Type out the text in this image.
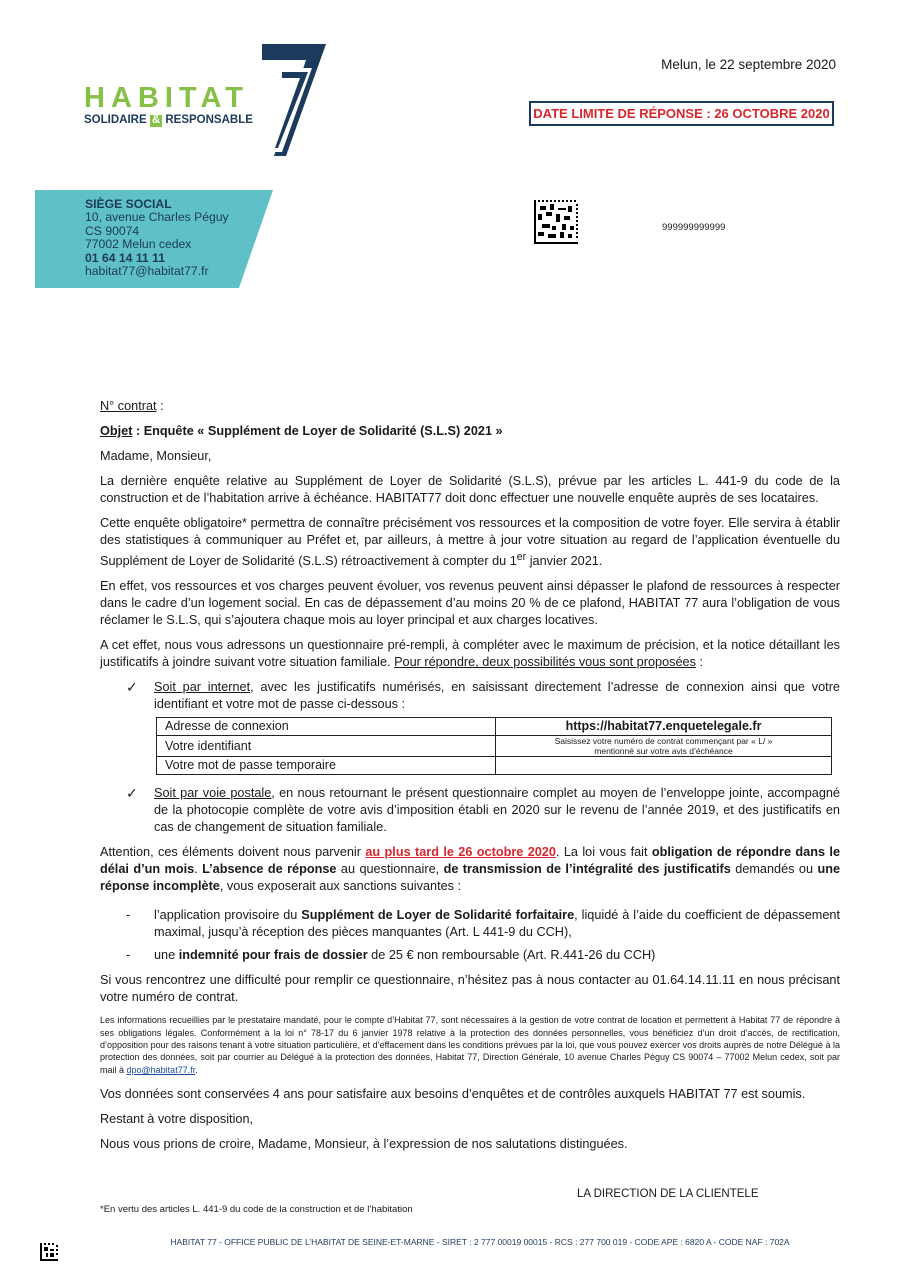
HABITAT
SOLIDAIRE & RESPONSABLE
Melun, le 22 septembre 2020
DATE LIMITE DE RÉPONSE : 26 OCTOBRE 2020
SIÈGE SOCIAL
10, avenue Charles Péguy
CS 90074
77002 Melun cedex
01 64 14 11 11
habitat77@habitat77.fr
999999999999

N° contrat :

Objet : Enquête « Supplément de Loyer de Solidarité (S.L.S) 2021 »

Madame, Monsieur,

La dernière enquête relative au Supplément de Loyer de Solidarité (S.L.S), prévue par les articles L. 441-9 du code de la construction et de l’habitation arrive à échéance. HABITAT77 doit donc effectuer une nouvelle enquête auprès de ses locataires.

Cette enquête obligatoire* permettra de connaître précisément vos ressources et la composition de votre foyer. Elle servira à établir des statistiques à communiquer au Préfet et, par ailleurs, à mettre à jour votre situation au regard de l’application éventuelle du Supplément de Loyer de Solidarité (S.L.S) rétroactivement à compter du 1er janvier 2021.

En effet, vos ressources et vos charges peuvent évoluer, vos revenus peuvent ainsi dépasser le plafond de ressources à respecter dans le cadre d’un logement social. En cas de dépassement d’au moins 20 % de ce plafond, HABITAT 77 aura l’obligation de vous réclamer le S.L.S, qui s’ajoutera chaque mois au loyer principal et aux charges locatives.

A cet effet, nous vous adressons un questionnaire pré-rempli, à compléter avec le maximum de précision, et la notice détaillant les justificatifs à joindre suivant votre situation familiale. Pour répondre, deux possibilités vous sont proposées :

✓ Soit par internet, avec les justificatifs numérisés, en saisissant directement l’adresse de connexion ainsi que votre identifiant et votre mot de passe ci-dessous :
Adresse de connexion	https://habitat77.enquetelegale.fr
Votre identifiant	Saisissez votre numéro de contrat commençant par « L/ »
mentionné sur votre avis d’échéance

Votre mot de passe temporaire	
✓ Soit par voie postale, en nous retournant le présent questionnaire complet au moyen de l’enveloppe jointe, accompagné de la photocopie complète de votre avis d’imposition établi en 2020 sur le revenu de l’année 2019, et des justificatifs en cas de changement de situation familiale.

Attention, ces éléments doivent nous parvenir au plus tard le 26 octobre 2020. La loi vous fait obligation de répondre dans le délai d’un mois. L’absence de réponse au questionnaire, de transmission de l’intégralité des justificatifs demandés ou une réponse incomplète, vous exposerait aux sanctions suivantes :

- l’application provisoire du Supplément de Loyer de Solidarité forfaitaire, liquidé à l’aide du coefficient de dépassement maximal, jusqu’à réception des pièces manquantes (Art. L 441-9 du CCH),
- une indemnité pour frais de dossier de 25 € non remboursable (Art. R.441-26 du CCH)

Si vous rencontrez une difficulté pour remplir ce questionnaire, n’hésitez pas à nous contacter au 01.64.14.11.11 en nous précisant votre numéro de contrat.

Les informations recueillies par le prestataire mandaté, pour le compte d’Habitat 77, sont nécessaires à la gestion de votre contrat de location et permettent à Habitat 77 de répondre à ses obligations légales. Conformément à la loi n° 78-17 du 6 janvier 1978 relative à la protection des données personnelles, vous bénéficiez d’un droit d’accès, de rectification, d’opposition pour des raisons tenant à votre situation particulière, et d’effacement dans les conditions prévues par la loi, que vous pouvez exercer vos droits auprès de notre Délégué à la protection des données, soit par courrier au Délégué à la protection des données, Habitat 77, Direction Générale, 10 avenue Charles Péguy CS 90074 – 77002 Melun cedex, soit par mail à dpo@habitat77.fr.

Vos données sont conservées 4 ans pour satisfaire aux besoins d’enquêtes et de contrôles auxquels HABITAT 77 est soumis.

Restant à votre disposition,

Nous vous prions de croire, Madame, Monsieur, à l’expression de nos salutations distinguées.

LA DIRECTION DE LA CLIENTELE
*En vertu des articles L. 441-9 du code de la construction et de l’habitation
HABITAT 77 - OFFICE PUBLIC DE L’HABITAT DE SEINE-ET-MARNE - SIRET : 2 777 00019 00015 - RCS : 277 700 019 - CODE APE : 6820 A - CODE NAF : 702A
